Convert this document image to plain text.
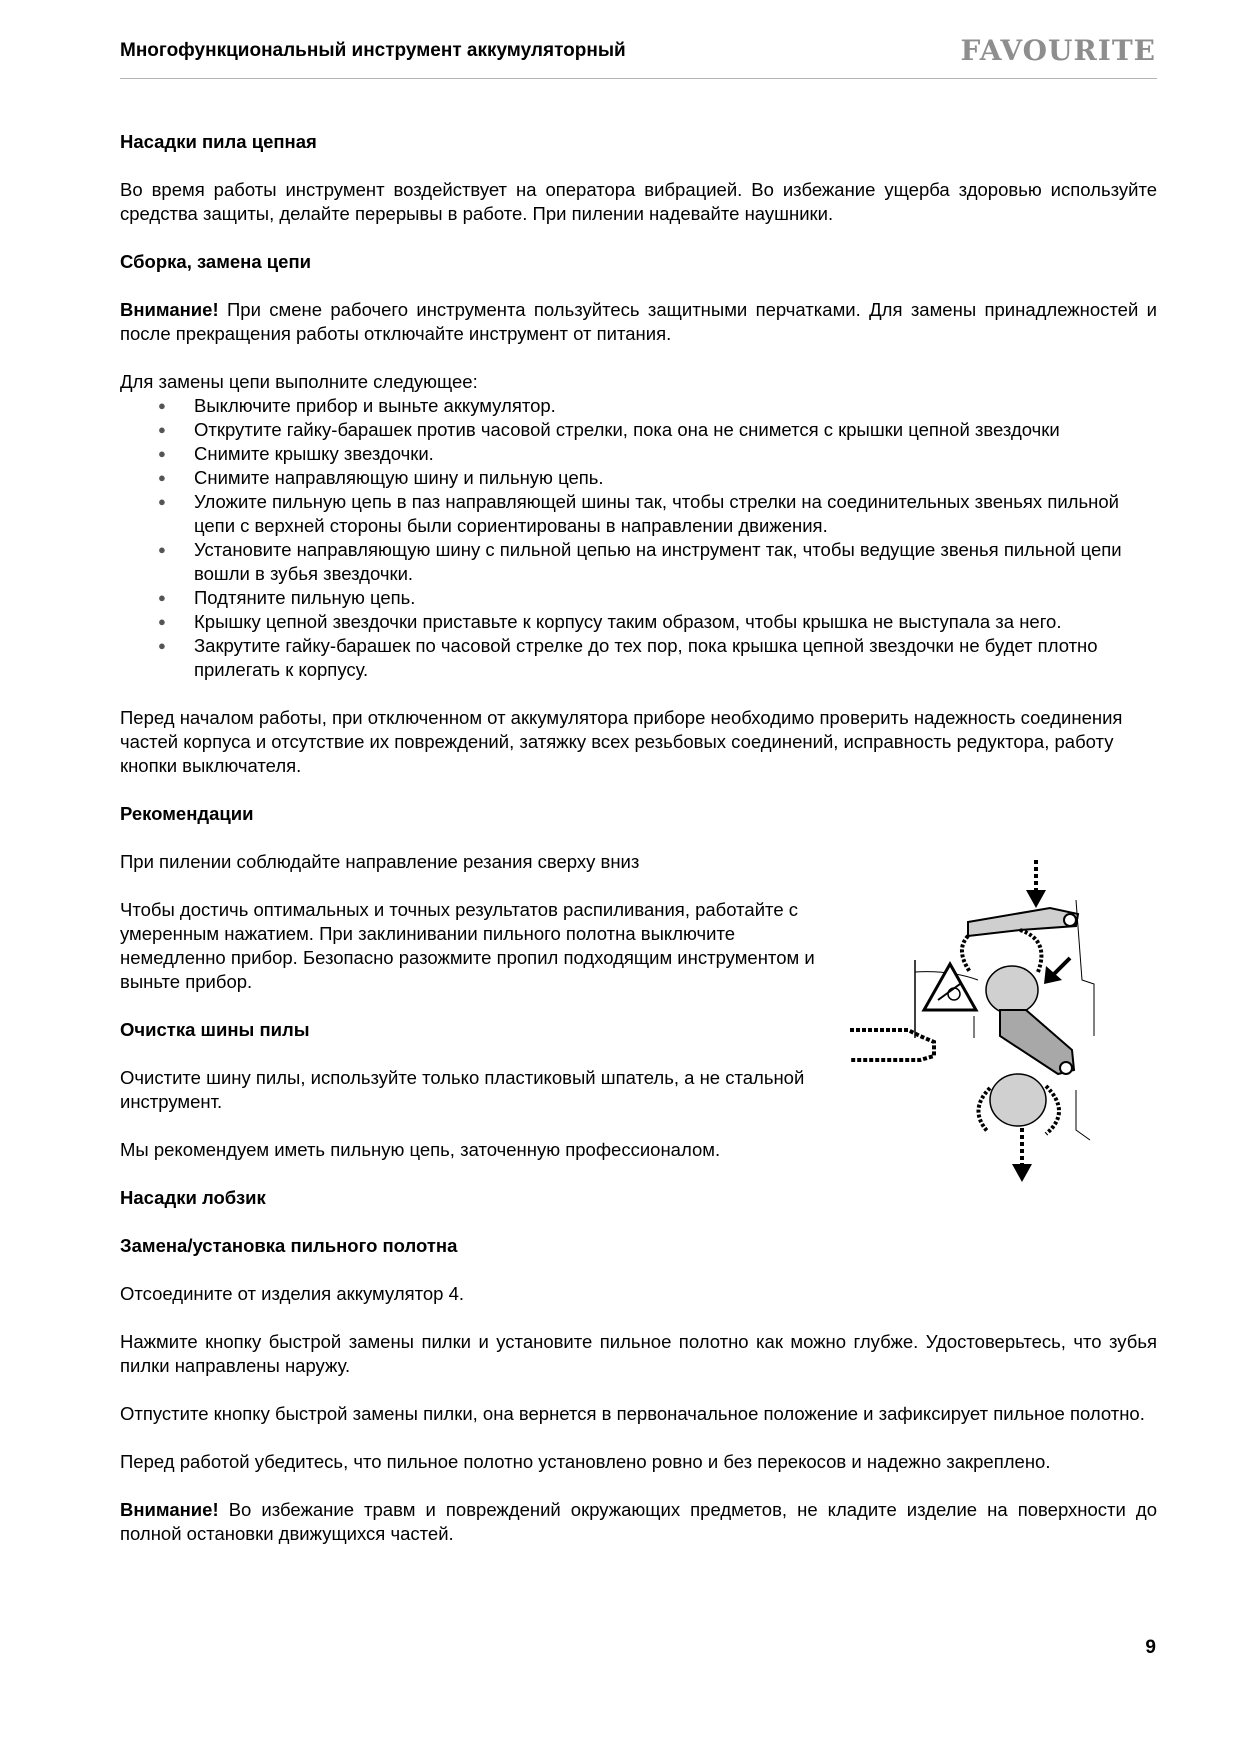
Многофункциональный инструмент аккумуляторный	FAVOURITE
Насадки пила цепная

Во время работы инструмент воздействует на оператора вибрацией. Во избежание ущерба здоровью используйте средства защиты, делайте перерывы в работе. При пилении надевайте наушники.

Сборка, замена цепи

Внимание! При смене рабочего инструмента пользуйтесь защитными перчатками. Для замены принадлежностей и после прекращения работы отключайте инструмент от питания.

Для замены цепи выполните следующее:

● Выключите прибор и выньте аккумулятор.
● Открутите гайку-барашек против часовой стрелки, пока она не снимется с крышки цепной звездочки
● Снимите крышку звездочки.
● Снимите направляющую шину и пильную цепь.
● Уложите пильную цепь в паз направляющей шины так, чтобы стрелки на соединительных звеньях пильной цепи с верхней стороны были сориентированы в направлении движения.
● Установите направляющую шину с пильной цепью на инструмент так, чтобы ведущие звенья пильной цепи вошли в зубья звездочки.
● Подтяните пильную цепь.
● Крышку цепной звездочки приставьте к корпусу таким образом, чтобы крышка не выступала за него.
● Закрутите гайку-барашек по часовой стрелке до тех пор, пока крышка цепной звездочки не будет плотно прилегать к корпусу.

Перед началом работы, при отключенном от аккумулятора приборе необходимо проверить надежность соединения частей корпуса и отсутствие их повреждений, затяжку всех резьбовых соединений, исправность редуктора, работу кнопки выключателя.

Рекомендации

При пилении соблюдайте направление резания сверху вниз

Чтобы достичь оптимальных и точных результатов распиливания, работайте с умеренным нажатием. При заклинивании пильного полотна выключите немедленно прибор. Безопасно разожмите пропил подходящим инструментом и выньте прибор.

Очистка шины пилы

Очистите шину пилы, используйте только пластиковый шпатель, а не стальной инструмент.

Мы рекомендуем иметь пильную цепь, заточенную профессионалом.

Насадки лобзик
Замена/установка пильного полотна

Отсоедините от изделия аккумулятор 4.

Нажмите кнопку быстрой замены пилки и установите пильное полотно как можно глубже. Удостоверьтесь, что зубья пилки направлены наружу.

Отпустите кнопку быстрой замены пилки, она вернется в первоначальное положение и зафиксирует пильное полотно.

Перед работой убедитесь, что пильное полотно установлено ровно и без перекосов и надежно закреплено.

Внимание! Во избежание травм и повреждений окружающих предметов, не кладите изделие на поверхности до полной остановки движущихся частей.

9
